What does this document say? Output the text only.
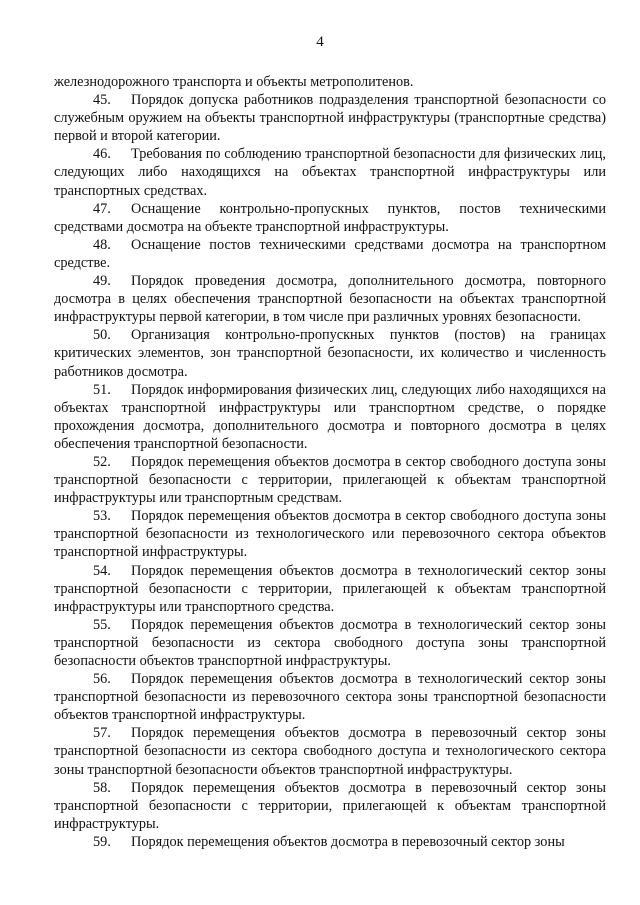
4

железнодорожного транспорта и объекты метрополитенов.

45. Порядок допуска работников подразделения транспортной безопасности со служебным оружием на объекты транспортной инфраструктуры (транспортные средства) первой и второй категории.

46. Требования по соблюдению транспортной безопасности для физических лиц, следующих либо находящихся на объектах транспортной инфраструктуры или транспортных средствах.

47. Оснащение контрольно-пропускных пунктов, постов техническими средствами досмотра на объекте транспортной инфраструктуры.

48. Оснащение постов техническими средствами досмотра на транспортном средстве.

49. Порядок проведения досмотра, дополнительного досмотра, повторного досмотра в целях обеспечения транспортной безопасности на объектах транспортной инфраструктуры первой категории, в том числе при различных уровнях безопасности.

50. Организация контрольно-пропускных пунктов (постов) на границах критических элементов, зон транспортной безопасности, их количество и численность работников досмотра.

51. Порядок информирования физических лиц, следующих либо находящихся на объектах транспортной инфраструктуры или транспортном средстве, о порядке прохождения досмотра, дополнительного досмотра и повторного досмотра в целях обеспечения транспортной безопасности.

52. Порядок перемещения объектов досмотра в сектор свободного доступа зоны транспортной безопасности с территории, прилегающей к объектам транспортной инфраструктуры или транспортным средствам.

53. Порядок перемещения объектов досмотра в сектор свободного доступа зоны транспортной безопасности из технологического или перевозочного сектора объектов транспортной инфраструктуры.

54. Порядок перемещения объектов досмотра в технологический сектор зоны транспортной безопасности с территории, прилегающей к объектам транспортной инфраструктуры или транспортного средства.

55. Порядок перемещения объектов досмотра в технологический сектор зоны транспортной безопасности из сектора свободного доступа зоны транспортной безопасности объектов транспортной инфраструктуры.

56. Порядок перемещения объектов досмотра в технологический сектор зоны транспортной безопасности из перевозочного сектора зоны транспортной безопасности объектов транспортной инфраструктуры.

57. Порядок перемещения объектов досмотра в перевозочный сектор зоны транспортной безопасности из сектора свободного доступа и технологического сектора зоны транспортной безопасности объектов транспортной инфраструктуры.

58. Порядок перемещения объектов досмотра в перевозочный сектор зоны транспортной безопасности с территории, прилегающей к объектам транспортной инфраструктуры.

59. Порядок перемещения объектов досмотра в перевозочный сектор зоны
